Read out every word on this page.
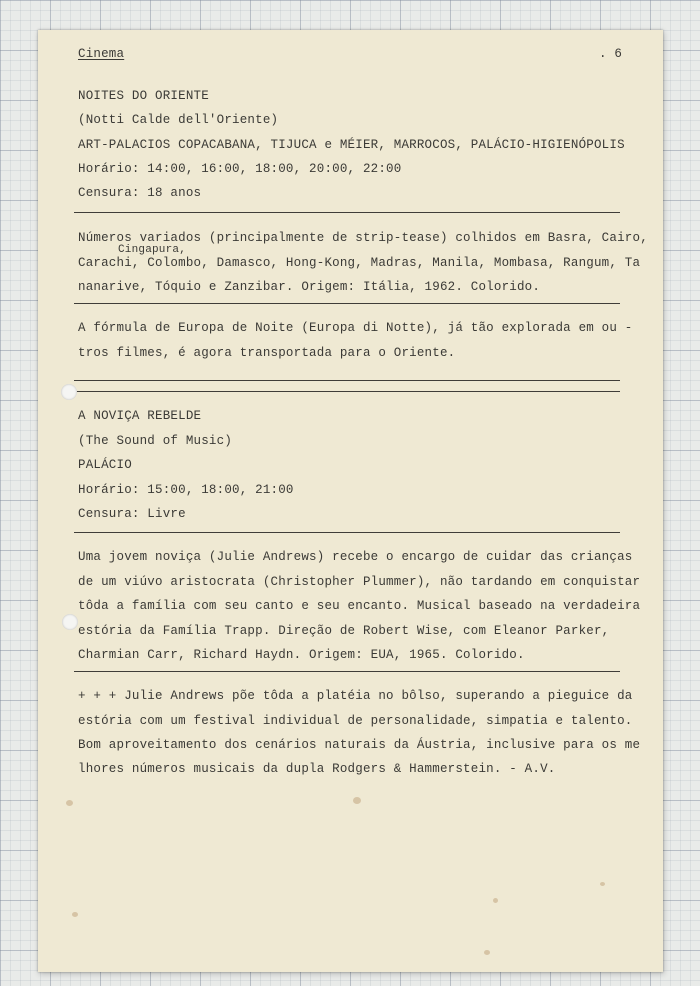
Cinema	. 6
NOITES DO ORIENTE
(Notti Calde dell'Oriente)
ART-PALACIOS COPACABANA, TIJUCA e MÉIER, MARROCOS, PALÁCIO-HIGIENÓPOLIS
Horário: 14:00, 16:00, 18:00, 20:00, 22:00
Censura: 18 anos
Números variados (principalmente de strip-tease) colhidos em Basra, Cairo,
Cingapura,
Carachi, Colombo, Damasco, Hong-Kong, Madras, Manila, Mombasa, Rangum, Ta
nanarive, Tóquio e Zanzibar. Origem: Itália, 1962. Colorido.
A fórmula de Europa de Noite (Europa di Notte), já tão explorada em ou -
tros filmes, é agora transportada para o Oriente.
A NOVIÇA REBELDE
(The Sound of Music)
PALÁCIO
Horário: 15:00, 18:00, 21:00
Censura: Livre
Uma jovem noviça (Julie Andrews) recebe o encargo de cuidar das crianças
de um viúvo aristocrata (Christopher Plummer), não tardando em conquistar
tôda a família com seu canto e seu encanto. Musical baseado na verdadeira
estória da Família Trapp. Direção de Robert Wise, com Eleanor Parker,
Charmian Carr, Richard Haydn. Origem: EUA, 1965. Colorido.
+ + + Julie Andrews põe tôda a platéia no bôlso, superando a pieguice da
estória com um festival individual de personalidade, simpatia e talento.
Bom aproveitamento dos cenários naturais da Áustria, inclusive para os me
lhores números musicais da dupla Rodgers & Hammerstein. - A.V.
